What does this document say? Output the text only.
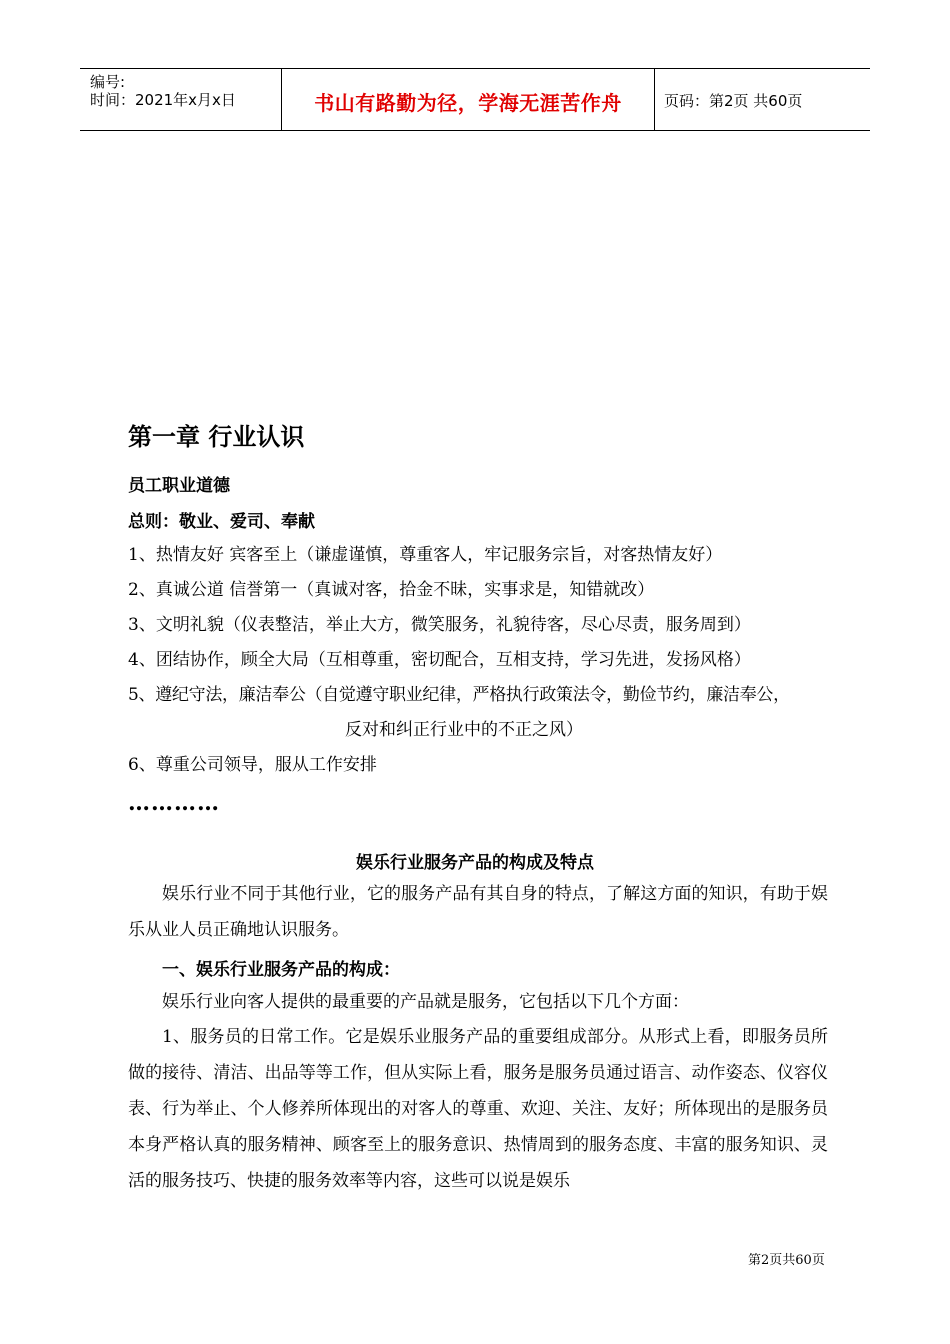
编号:
时间：2021年x月x日	书山有路勤为径，学海无涯苦作舟	页码：第2页 共60页
第一章 行业认识
员工职业道德
总则：敬业、爱司、奉献
1、热情友好 宾客至上（谦虚谨慎，尊重客人，牢记服务宗旨，对客热情友好）
2、真诚公道 信誉第一（真诚对客，拾金不昧，实事求是，知错就改）
3、文明礼貌（仪表整洁，举止大方，微笑服务，礼貌待客，尽心尽责，服务周到）
4、团结协作，顾全大局（互相尊重，密切配合，互相支持，学习先进，发扬风格）
5、遵纪守法，廉洁奉公（自觉遵守职业纪律，严格执行政策法令，勤俭节约，廉洁奉公，
反对和纠正行业中的不正之风）
6、尊重公司领导，服从工作安排
…………
娱乐行业服务产品的构成及特点
娱乐行业不同于其他行业，它的服务产品有其自身的特点，了解这方面的知识，有助于娱乐从业人员正确地认识服务。
一、娱乐行业服务产品的构成：
娱乐行业向客人提供的最重要的产品就是服务，它包括以下几个方面：
1、服务员的日常工作。它是娱乐业服务产品的重要组成部分。从形式上看，即服务员所做的接待、清洁、出品等等工作，但从实际上看，服务是服务员通过语言、动作姿态、仪容仪表、行为举止、个人修养所体现出的对客人的尊重、欢迎、关注、友好；所体现出的是服务员本身严格认真的服务精神、顾客至上的服务意识、热情周到的服务态度、丰富的服务知识、灵活的服务技巧、快捷的服务效率等内容，这些可以说是娱乐
第2页共60页
